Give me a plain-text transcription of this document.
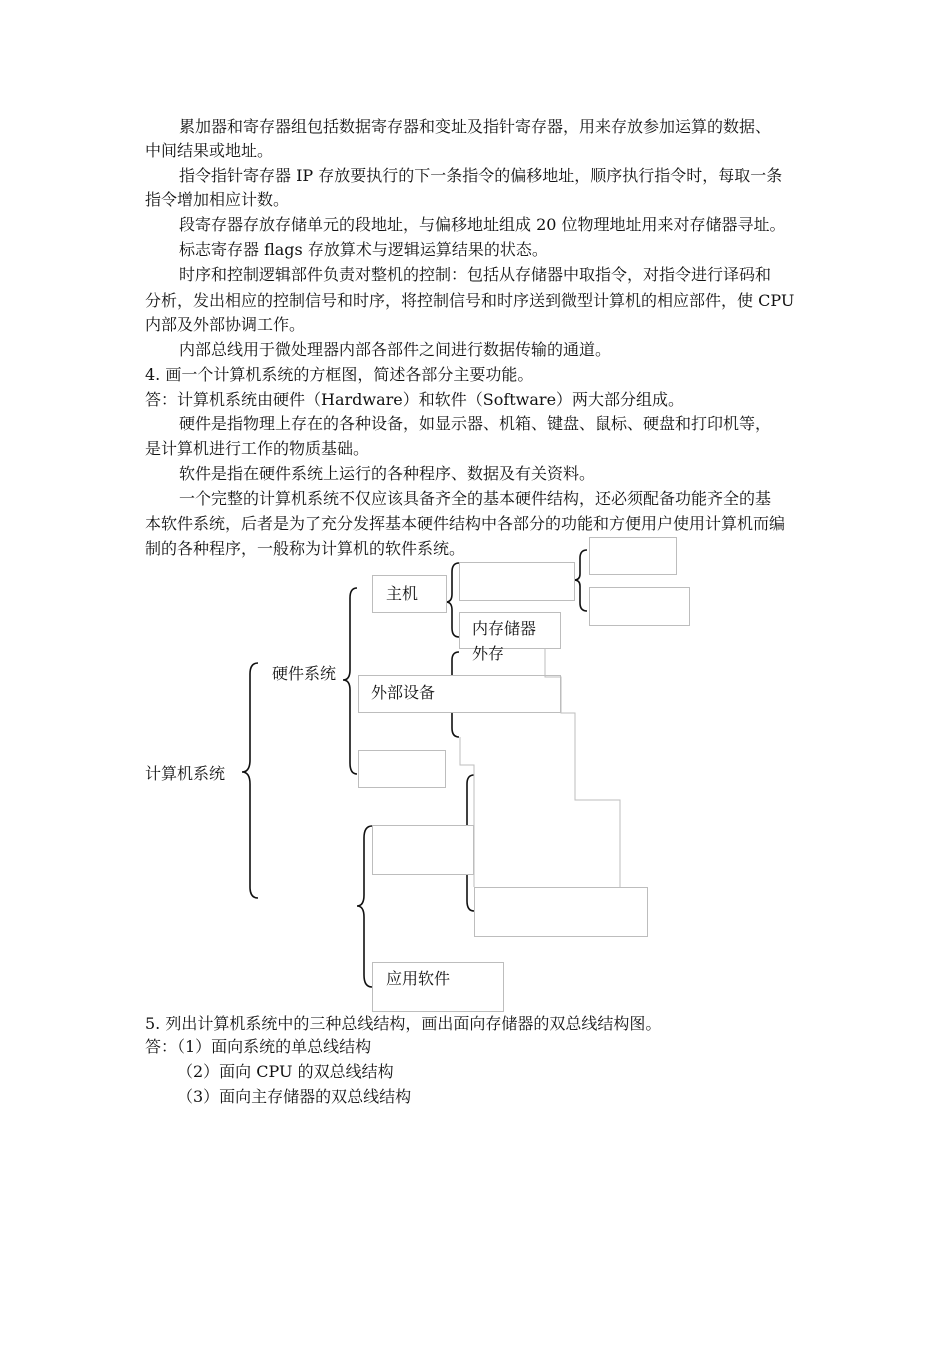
累加器和寄存器组包括数据寄存器和变址及指针寄存器，用来存放参加运算的数据、
中间结果或地址。
指令指针寄存器 IP 存放要执行的下一条指令的偏移地址，顺序执行指令时，每取一条
指令增加相应计数。
段寄存器存放存储单元的段地址，与偏移地址组成 20 位物理地址用来对存储器寻址。
标志寄存器 flags 存放算术与逻辑运算结果的状态。
时序和控制逻辑部件负责对整机的控制：包括从存储器中取指令，对指令进行译码和
分析，发出相应的控制信号和时序，将控制信号和时序送到微型计算机的相应部件，使 CPU
内部及外部协调工作。
内部总线用于微处理器内部各部件之间进行数据传输的通道。
4. 画一个计算机系统的方框图，简述各部分主要功能。
答：计算机系统由硬件（Hardware）和软件（Software）两大部分组成。
硬件是指物理上存在的各种设备，如显示器、机箱、键盘、鼠标、硬盘和打印机等，
是计算机进行工作的物质基础。
软件是指在硬件系统上运行的各种程序、数据及有关资料。
一个完整的计算机系统不仅应该具备齐全的基本硬件结构，还必须配备功能齐全的基
本软件系统，后者是为了充分发挥基本硬件结构中各部分的功能和方便用户使用计算机而编
制的各种程序，一般称为计算机的软件系统。
计算机系统
硬件系统
主机
内存储器
外存
外部设备
应用软件
5. 列出计算机系统中的三种总线结构，画出面向存储器的双总线结构图。
答：（1）面向系统的单总线结构
（2）面向 CPU 的双总线结构
（3）面向主存储器的双总线结构
